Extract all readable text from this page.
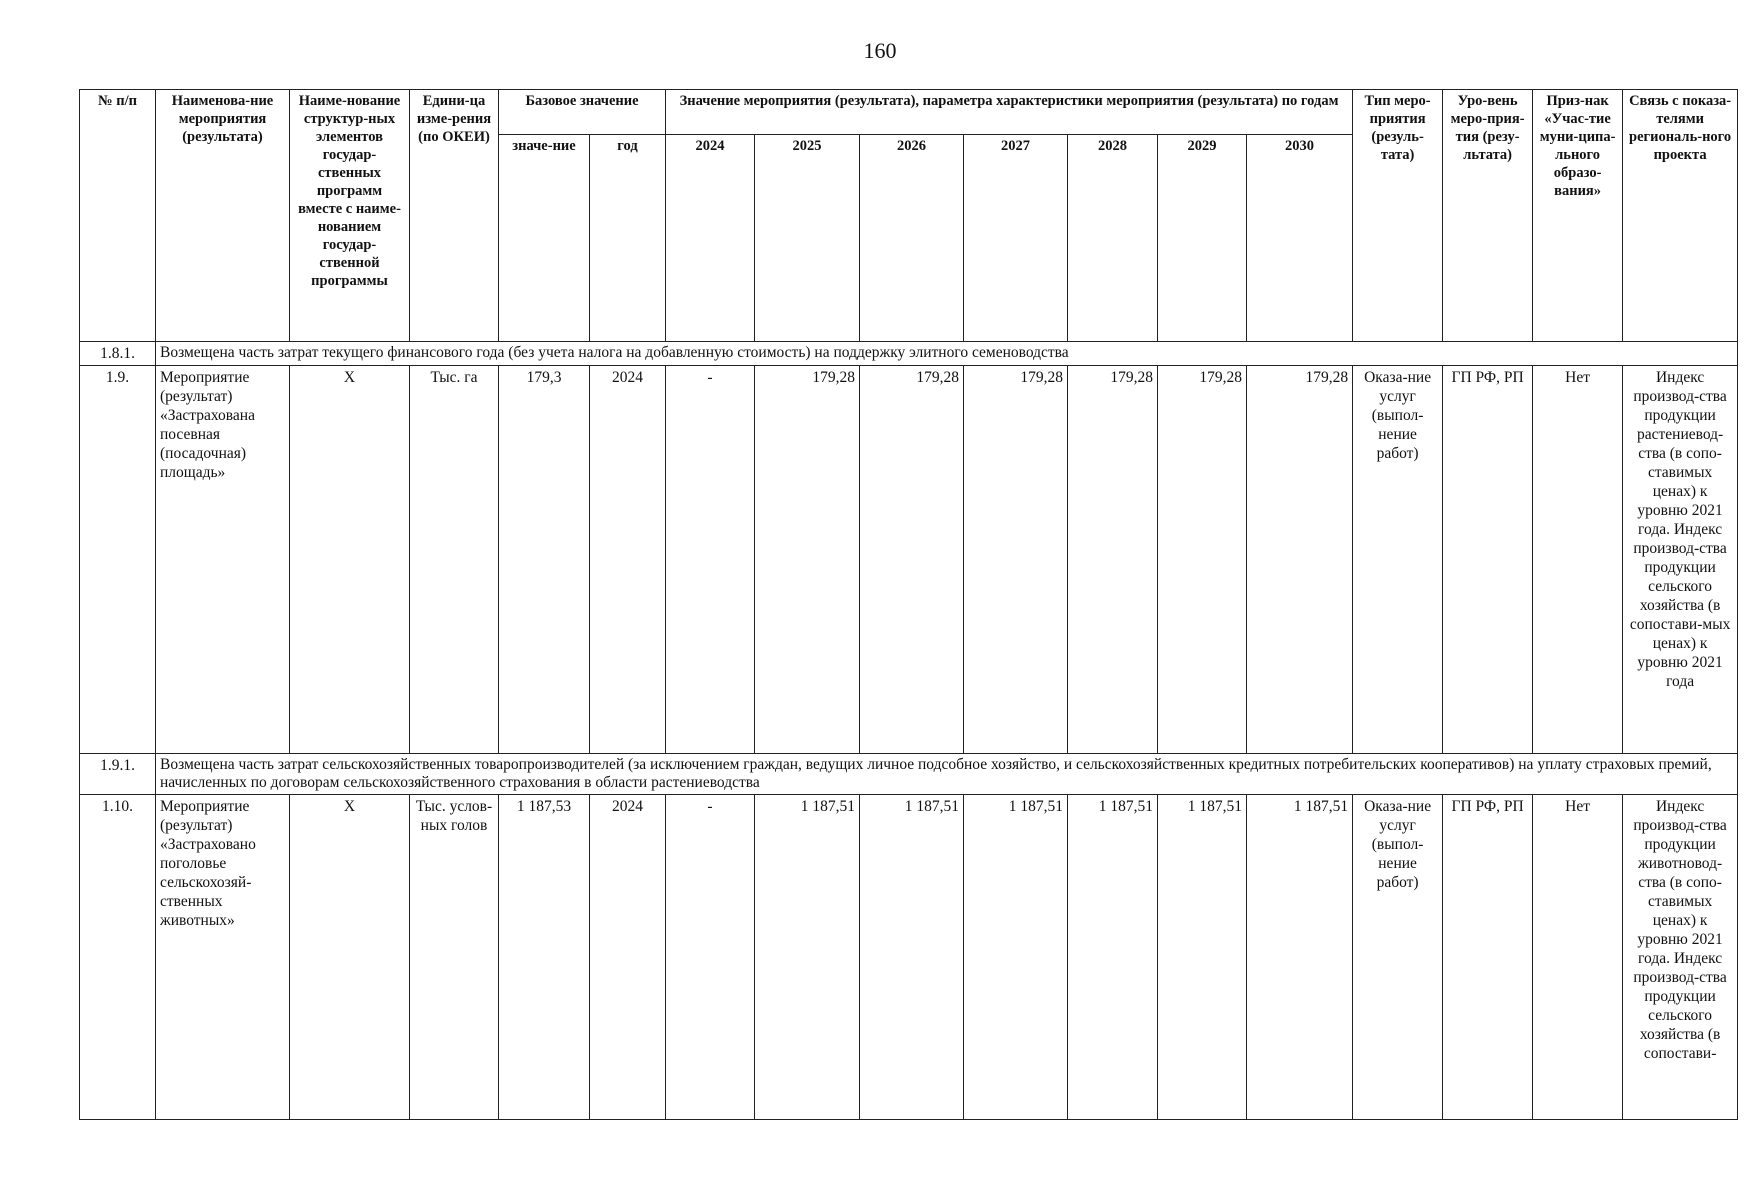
160
№ п/п	Наименова-ние мероприятия (результата)	Наиме-нование структур-ных элементов государ-ственных программ вместе с наиме-нованием государ-ственной программы	Едини-ца изме-рения (по ОКЕИ)	Базовое значение		Значение мероприятия (результата), параметра характеристики мероприятия (результата) по годам							Тип меро-приятия (резуль-тата)	Уро-вень меро-прия-тия (резу-льтата)	Приз-нак «Учас-тие муни-ципа-льного образо-вания»	Связь с показа-телями региональ-ного проекта
						2024	2025	2026	2027	2028	2029	2030				
				значе-ние	год											
1.8.1.	Возмещена часть затрат текущего финансового года (без учета налога на добавленную стоимость) на поддержку элитного семеноводства															
1.9.	Мероприятие (результат) «Застрахована посевная (посадочная) площадь»	Х	Тыс. га	179,3	2024	-	179,28	179,28	179,28	179,28	179,28	179,28	Оказа-ние услуг (выпол-нение работ)	ГП РФ, РП	Нет	Индекс производ-ства продукции растениевод-ства (в сопо-ставимых ценах) к уровню 2021 года. Индекс производ-ства продукции сельского хозяйства (в сопостави-мых ценах) к уровню 2021 года
1.9.1.	Возмещена часть затрат сельскохозяйственных товаропроизводителей (за исключением граждан, ведущих личное подсобное хозяйство, и сельскохозяйственных кредитных потребительских кооперативов) на уплату страховых премий, начисленных по договорам сельскохозяйственного страхования в области растениеводства															
1.10.	Мероприятие (результат) «Застраховано поголовье сельскохозяй-ственных животных»	Х	Тыс. услов-ных голов	1 187,53	2024	-	1 187,51	1 187,51	1 187,51	1 187,51	1 187,51	1 187,51	Оказа-ние услуг (выпол-нение работ)	ГП РФ, РП	Нет	Индекс производ-ства продукции животновод-ства (в сопо-ставимых ценах) к уровню 2021 года. Индекс производ-ства продукции сельского хозяйства (в сопостави-
